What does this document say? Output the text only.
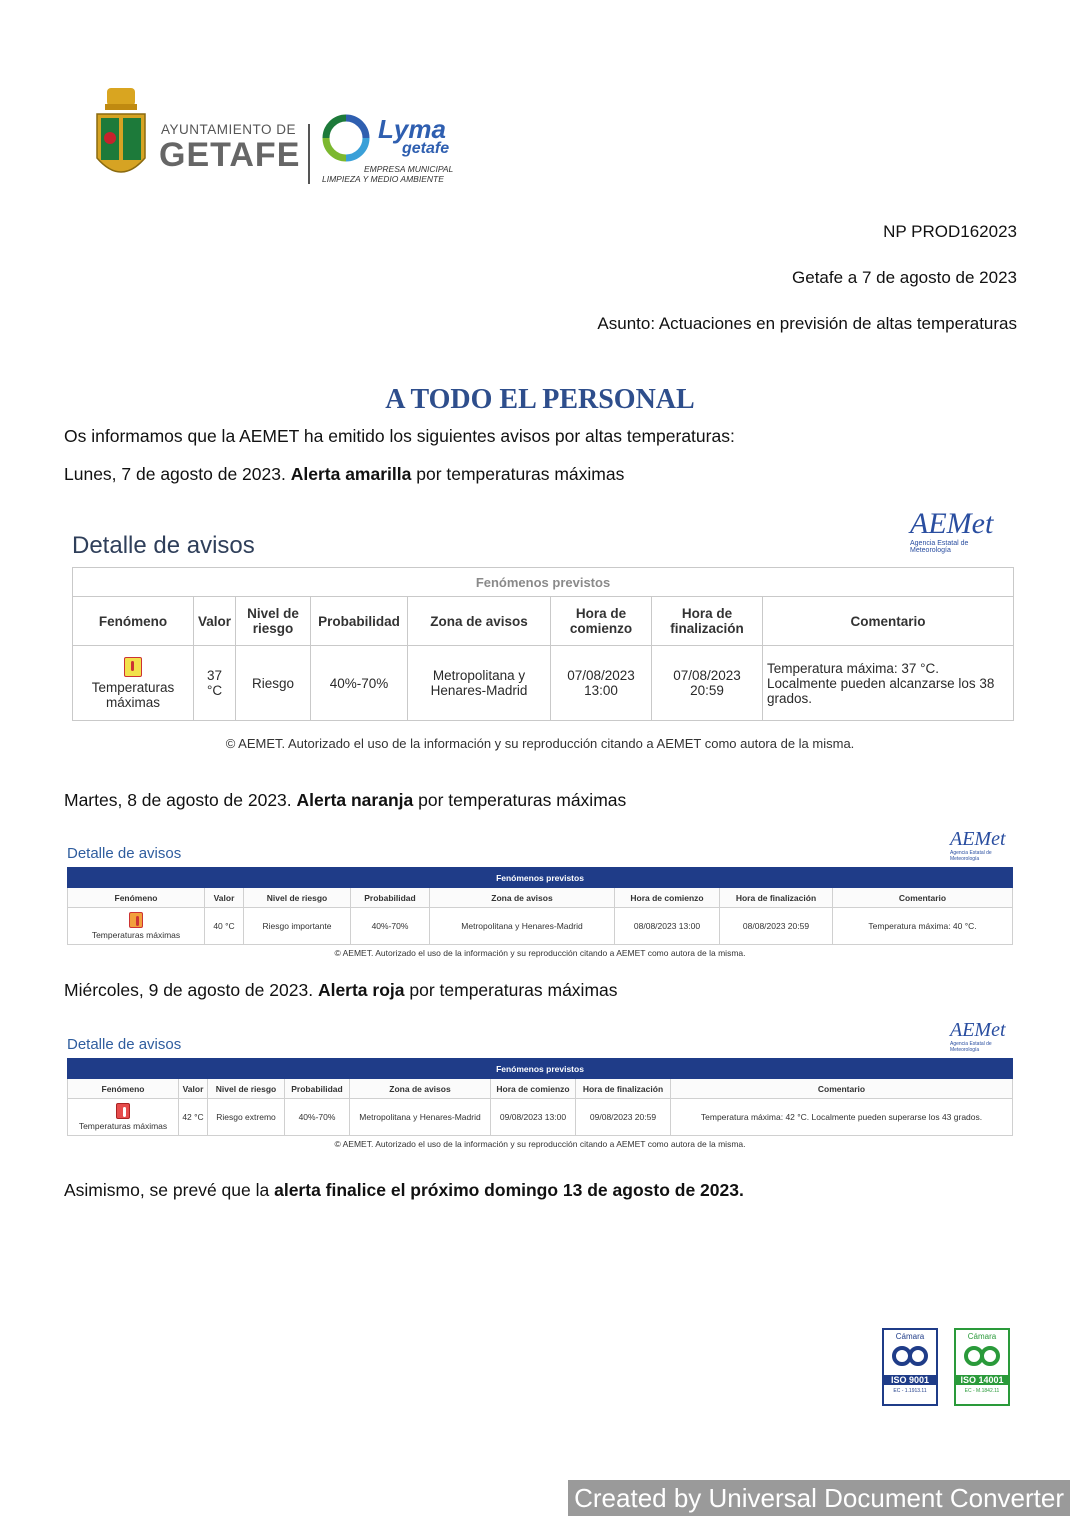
AYUNTAMIENTO DE
GETAFE
Lyma
getafe
EMPRESA MUNICIPAL
LIMPIEZA Y MEDIO AMBIENTE
NP PROD162023
Getafe a 7 de agosto de 2023
Asunto: Actuaciones en previsión de altas temperaturas
A TODO EL PERSONAL
Os informamos que la AEMET ha emitido los siguientes avisos por altas temperaturas:
Lunes, 7 de agosto de 2023. Alerta amarilla por temperaturas máximas
Detalle de avisos
AEMet
Agencia Estatal de Meteorología
Fenómenos previstos							
Fenómeno	Valor	Nivel de riesgo	Probabilidad	Zona de avisos	Hora de comienzo	Hora de finalización	Comentario

Temperaturas máximas	37 °C	Riesgo	40%-70%	Metropolitana y Henares-Madrid	07/08/2023 13:00	07/08/2023 20:59	Temperatura máxima: 37 °C. Localmente pueden alcanzarse los 38 grados.
© AEMET. Autorizado el uso de la información y su reproducción citando a AEMET como autora de la misma.
Martes, 8 de agosto de 2023. Alerta naranja por temperaturas máximas
Detalle de avisos
AEMet
Agencia Estatal de Meteorología
Fenómenos previstos							
Fenómeno	Valor	Nivel de riesgo	Probabilidad	Zona de avisos	Hora de comienzo	Hora de finalización	Comentario

Temperaturas máximas	40 °C	Riesgo importante	40%-70%	Metropolitana y Henares-Madrid	08/08/2023 13:00	08/08/2023 20:59	Temperatura máxima: 40 °C.
© AEMET. Autorizado el uso de la información y su reproducción citando a AEMET como autora de la misma.
Miércoles, 9 de agosto de 2023. Alerta roja por temperaturas máximas
Detalle de avisos
AEMet
Agencia Estatal de Meteorología
Fenómenos previstos							
Fenómeno	Valor	Nivel de riesgo	Probabilidad	Zona de avisos	Hora de comienzo	Hora de finalización	Comentario

Temperaturas máximas	42 °C	Riesgo extremo	40%-70%	Metropolitana y Henares-Madrid	09/08/2023 13:00	09/08/2023 20:59	Temperatura máxima: 42 °C. Localmente pueden superarse los 43 grados.
© AEMET. Autorizado el uso de la información y su reproducción citando a AEMET como autora de la misma.
Asimismo, se prevé que la alerta finalice el próximo domingo 13 de agosto de 2023.
Cámara
ISO 9001
EC - 1.1913.11
Cámara
ISO 14001
EC - M.1842.11
Created by Universal Document Converter
